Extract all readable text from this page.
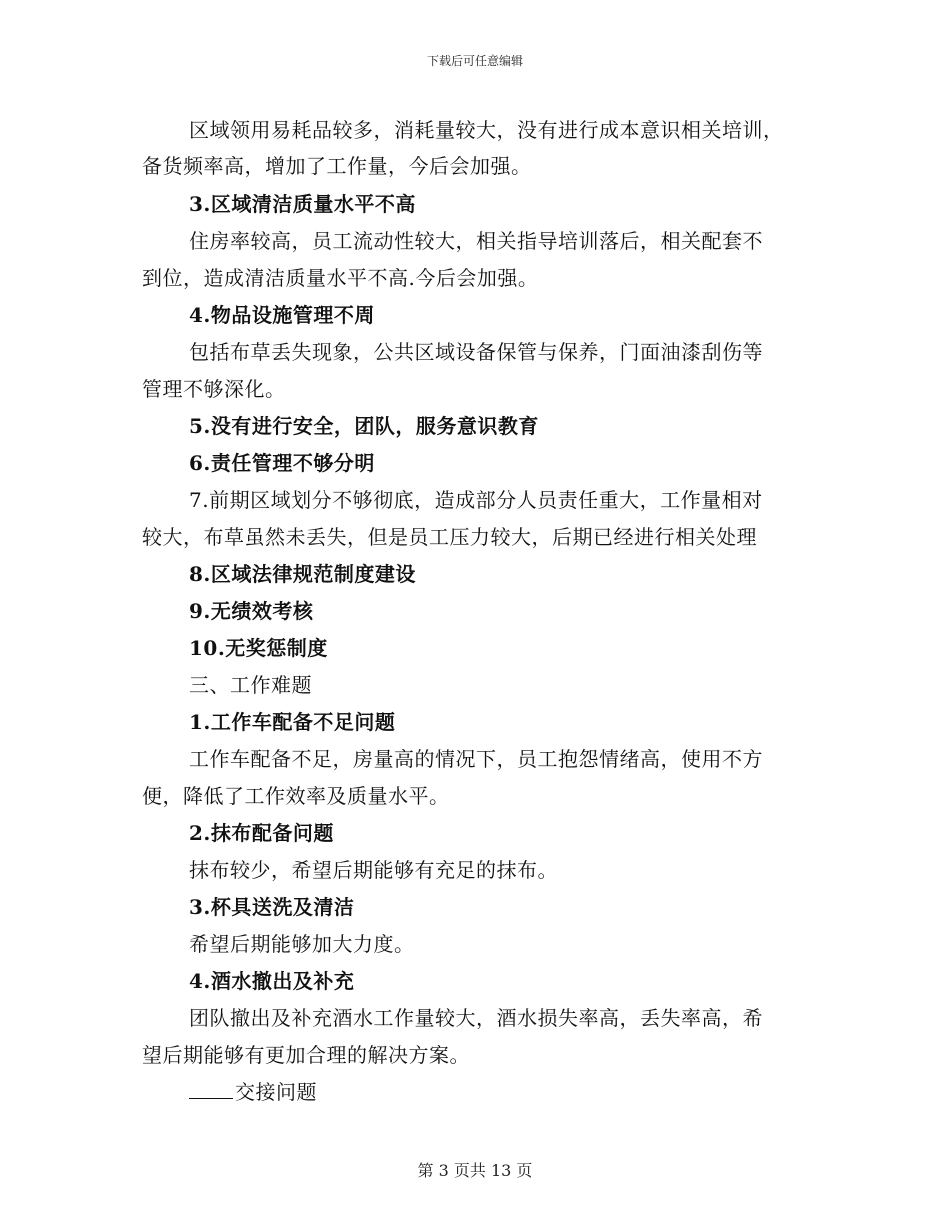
下载后可任意编辑
区域领用易耗品较多，消耗量较大，没有进行成本意识相关培训，
备货频率高，增加了工作量，今后会加强。
3.区域清洁质量水平不高
住房率较高，员工流动性较大，相关指导培训落后，相关配套不
到位，造成清洁质量水平不高.今后会加强。
4.物品设施管理不周
包括布草丢失现象，公共区域设备保管与保养，门面油漆刮伤等
管理不够深化。
5.没有进行安全，团队，服务意识教育
6.责任管理不够分明
7.前期区域划分不够彻底，造成部分人员责任重大，工作量相对
较大，布草虽然未丢失，但是员工压力较大，后期已经进行相关处理
8.区域法律规范制度建设
9.无绩效考核
10.无奖惩制度
三、工作难题
1.工作车配备不足问题
工作车配备不足，房量高的情况下，员工抱怨情绪高，使用不方
便，降低了工作效率及质量水平。
2.抹布配备问题
抹布较少，希望后期能够有充足的抹布。
3.杯具送洗及清洁
希望后期能够加大力度。
4.酒水撤出及补充
团队撤出及补充酒水工作量较大，酒水损失率高，丢失率高，希
望后期能够有更加合理的解决方案。
交接问题
第 3 页共 13 页
